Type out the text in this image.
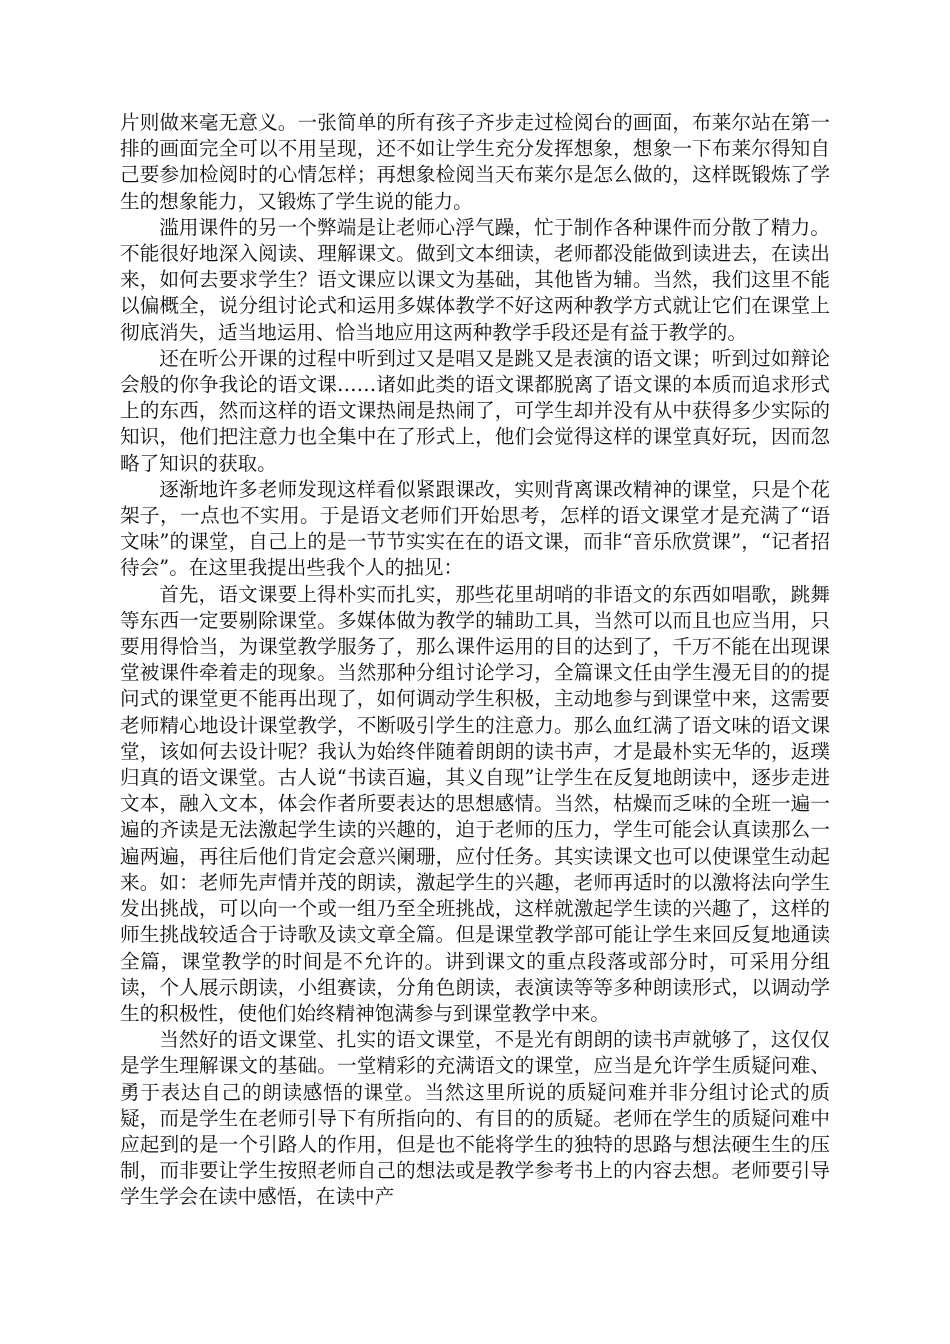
片则做来毫无意义。一张简单的所有孩子齐步走过检阅台的画面，布莱尔站在第一排的画面完全可以不用呈现，还不如让学生充分发挥想象，想象一下布莱尔得知自己要参加检阅时的心情怎样；再想象检阅当天布莱尔是怎么做的，这样既锻炼了学生的想象能力，又锻炼了学生说的能力。

滥用课件的另一个弊端是让老师心浮气躁，忙于制作各种课件而分散了精力。不能很好地深入阅读、理解课文。做到文本细读，老师都没能做到读进去，在读出来，如何去要求学生？语文课应以课文为基础，其他皆为辅。当然，我们这里不能以偏概全，说分组讨论式和运用多媒体教学不好这两种教学方式就让它们在课堂上彻底消失，适当地运用、恰当地应用这两种教学手段还是有益于教学的。

还在听公开课的过程中听到过又是唱又是跳又是表演的语文课；听到过如辩论会般的你争我论的语文课……诸如此类的语文课都脱离了语文课的本质而追求形式上的东西，然而这样的语文课热闹是热闹了，可学生却并没有从中获得多少实际的知识，他们把注意力也全集中在了形式上，他们会觉得这样的课堂真好玩，因而忽略了知识的获取。

逐渐地许多老师发现这样看似紧跟课改，实则背离课改精神的课堂，只是个花架子，一点也不实用。于是语文老师们开始思考，怎样的语文课堂才是充满了“语文味”的课堂，自己上的是一节节实实在在的语文课，而非“音乐欣赏课”，“记者招待会”。在这里我提出些我个人的拙见：

首先，语文课要上得朴实而扎实，那些花里胡哨的非语文的东西如唱歌，跳舞等东西一定要剔除课堂。多媒体做为教学的辅助工具，当然可以而且也应当用，只要用得恰当，为课堂教学服务了，那么课件运用的目的达到了，千万不能在出现课堂被课件牵着走的现象。当然那种分组讨论学习，全篇课文任由学生漫无目的的提问式的课堂更不能再出现了，如何调动学生积极，主动地参与到课堂中来，这需要老师精心地设计课堂教学，不断吸引学生的注意力。那么血红满了语文味的语文课堂，该如何去设计呢？我认为始终伴随着朗朗的读书声，才是最朴实无华的，返璞归真的语文课堂。古人说“书读百遍，其义自现”让学生在反复地朗读中，逐步走进文本，融入文本，体会作者所要表达的思想感情。当然，枯燥而乏味的全班一遍一遍的齐读是无法激起学生读的兴趣的，迫于老师的压力，学生可能会认真读那么一遍两遍，再往后他们肯定会意兴阑珊，应付任务。其实读课文也可以使课堂生动起来。如：老师先声情并茂的朗读，激起学生的兴趣，老师再适时的以激将法向学生发出挑战，可以向一个或一组乃至全班挑战，这样就激起学生读的兴趣了，这样的师生挑战较适合于诗歌及读文章全篇。但是课堂教学部可能让学生来回反复地通读全篇，课堂教学的时间是不允许的。讲到课文的重点段落或部分时，可采用分组读，个人展示朗读，小组赛读，分角色朗读，表演读等等多种朗读形式，以调动学生的积极性，使他们始终精神饱满参与到课堂教学中来。

当然好的语文课堂、扎实的语文课堂，不是光有朗朗的读书声就够了，这仅仅是学生理解课文的基础。一堂精彩的充满语文的课堂，应当是允许学生质疑问难、勇于表达自己的朗读感悟的课堂。当然这里所说的质疑问难并非分组讨论式的质疑，而是学生在老师引导下有所指向的、有目的的质疑。老师在学生的质疑问难中应起到的是一个引路人的作用，但是也不能将学生的独特的思路与想法硬生生的压制，而非要让学生按照老师自己的想法或是教学参考书上的内容去想。老师要引导学生学会在读中感悟，在读中产
